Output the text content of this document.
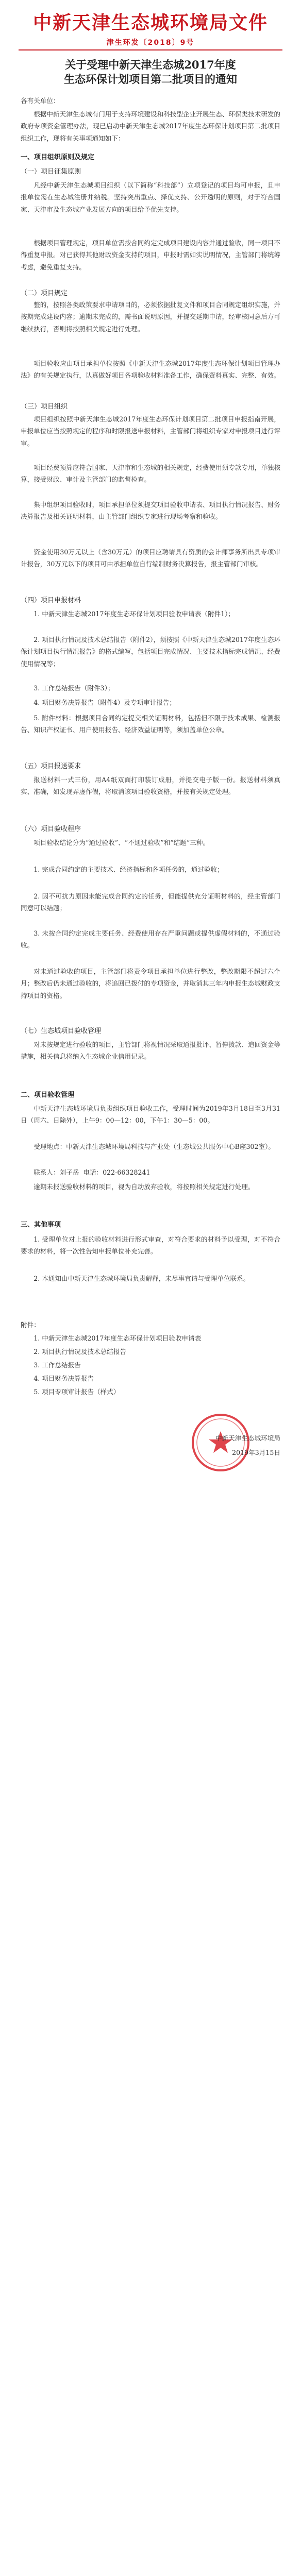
中新天津生态城环境局文件
津生环发〔2018〕9号
关于受理中新天津生态城2017年度
生态环保计划项目第二批项目的通知
各有关单位：
根据中新天津生态城有门用于支持环境建设和科技型企业开展生态、环保类技术研发的政府专项资金管理办法，现已启动中新天津生态城2017年度生态环保计划项目第二批项目组织工作，现将有关事项通知如下：
一、项目组织原则及规定
（一）项目征集原则
凡经中新天津生态城项目组织（以下简称“科技部”）立项登记的项目均可申报，且申报单位需在生态城注册并纳税。坚持突出重点、择优支持、公开透明的原则，对于符合国家、天津市及生态城产业发展方向的项目给予优先支持。
根据项目管理规定，项目单位需按合同约定完成项目建设内容并通过验收，同一项目不得重复申报。对已获得其他财政资金支持的项目，申报时需如实说明情况，主管部门将统筹考虑，避免重复支持。
（二）项目规定
整的，按照各类政策要求申请项目的，必须依据批复文件和项目合同规定组织实施，并按期完成建设内容；逾期未完成的，需书面说明原因，并提交延期申请，经审核同意后方可继续执行，否则将按照相关规定进行处理。
项目验收应由项目承担单位按照《中新天津生态城2017年度生态环保计划项目管理办法》的有关规定执行，认真做好项目各项验收材料准备工作，确保资料真实、完整、有效。
（三）项目组织
项目组织按照中新天津生态城2017年度生态环保计划项目第二批项目申报指南开展，申报单位应当按照规定的程序和时限报送申报材料，主管部门将组织专家对申报项目进行评审。
项目经费预算应符合国家、天津市和生态城的相关规定，经费使用须专款专用，单独核算，接受财政、审计及主管部门的监督检查。
集中组织项目验收时，项目承担单位须提交项目验收申请表、项目执行情况报告、财务决算报告及相关证明材料，由主管部门组织专家进行现场考察和验收。
资金使用30万元以上（含30万元）的项目应聘请具有资质的会计师事务所出具专项审计报告，30万元以下的项目可由承担单位自行编制财务决算报告，报主管部门审核。
（四）项目申报材料
1. 中新天津生态城2017年度生态环保计划项目验收申请表（附件1）；
2. 项目执行情况及技术总结报告（附件2），须按照《中新天津生态城2017年度生态环保计划项目执行情况报告》的格式编写，包括项目完成情况、主要技术指标完成情况、经费使用情况等；
3. 工作总结报告（附件3）；
4. 项目财务决算报告（附件4）及专项审计报告；
5. 附件材料：根据项目合同约定提交相关证明材料，包括但不限于技术成果、检测报告、知识产权证书、用户使用报告、经济效益证明等，须加盖单位公章。
（五）项目报送要求
报送材料一式三份，用A4纸双面打印装订成册，并提交电子版一份。报送材料须真实、准确，如发现弄虚作假，将取消该项目验收资格，并按有关规定处理。
（六）项目验收程序
项目验收结论分为“通过验收”、“不通过验收”和“结题”三种。
1. 完成合同约定的主要技术、经济指标和各项任务的，通过验收；
2. 因不可抗力原因未能完成合同约定的任务，但能提供充分证明材料的，经主管部门同意可以结题；
3. 未按合同约定完成主要任务、经费使用存在严重问题或提供虚假材料的，不通过验收。
对未通过验收的项目，主管部门将责令项目承担单位进行整改，整改期限不超过六个月；整改后仍未通过验收的，将追回已拨付的专项资金，并取消其三年内申报生态城财政支持项目的资格。
（七）生态城项目验收管理
对未按规定进行验收的项目，主管部门将视情况采取通报批评、暂停拨款、追回资金等措施，相关信息将纳入生态城企业信用记录。
二、项目验收管理
中新天津生态城环境局负责组织项目验收工作，受理时间为2019年3月18日至3月31日（周六、日除外），上午9：00—12：00，下午1：30—5：00。
受理地点：中新天津生态城环境局科技与产业处（生态城公共服务中心B座302室）。
联系人：刘子岳  电话：022-66328241
逾期未报送验收材料的项目，视为自动放弃验收，将按照相关规定进行处理。
三、其他事项
1. 受理单位对上报的验收材料进行形式审查，对符合要求的材料予以受理，对不符合要求的材料，将一次性告知申报单位补充完善。
2. 本通知由中新天津生态城环境局负责解释，未尽事宜请与受理单位联系。
附件：
1. 中新天津生态城2017年度生态环保计划项目验收申请表
2. 项目执行情况及技术总结报告
3. 工作总结报告
4. 项目财务决算报告
5. 项目专项审计报告（样式）
中新天津生态城环境局
2019年3月15日
